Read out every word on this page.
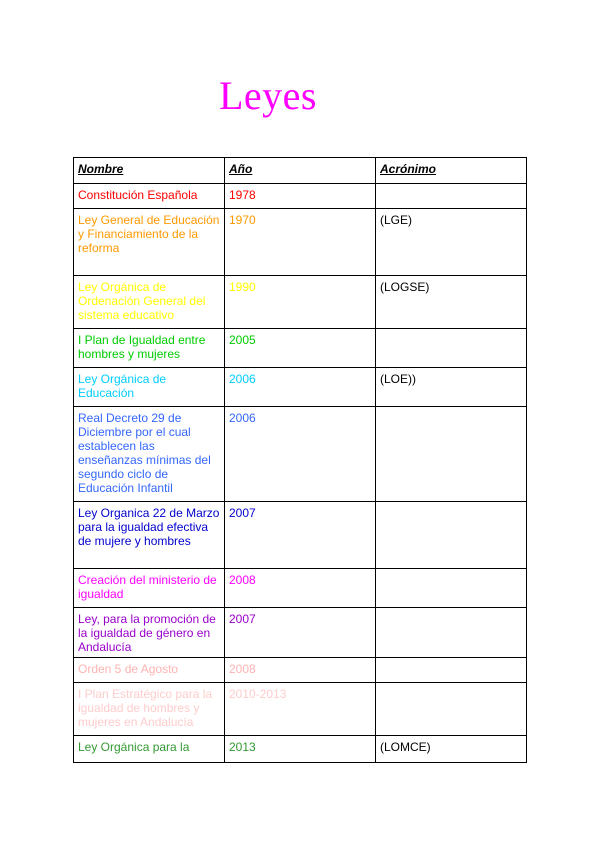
Leyes
Nombre	Año	Acrónimo
Constitución Española	1978	
Ley General de Educación y Financiamiento de la reforma	1970	(LGE)
Ley Orgánica de Ordenación General del sistema educativo	1990	(LOGSE)
I Plan de Igualdad entre hombres y mujeres	2005	
Ley Orgánica de Educación	2006	(LOE))
Real Decreto 29 de Diciembre por el cual establecen las enseñanzas mínimas del segundo ciclo de Educación Infantil	2006	
Ley Organica 22 de Marzo para la igualdad efectiva de mujere y hombres	2007	
Creación del ministerio de igualdad	2008	
Ley, para la promoción de la igualdad de género en Andalucía	2007	
Orden 5 de Agosto	2008	
I Plan Estratégico para la igualdad de hombres y mujeres en Andalucía	2010-2013	
Ley Orgánica para la	2013	(LOMCE)
